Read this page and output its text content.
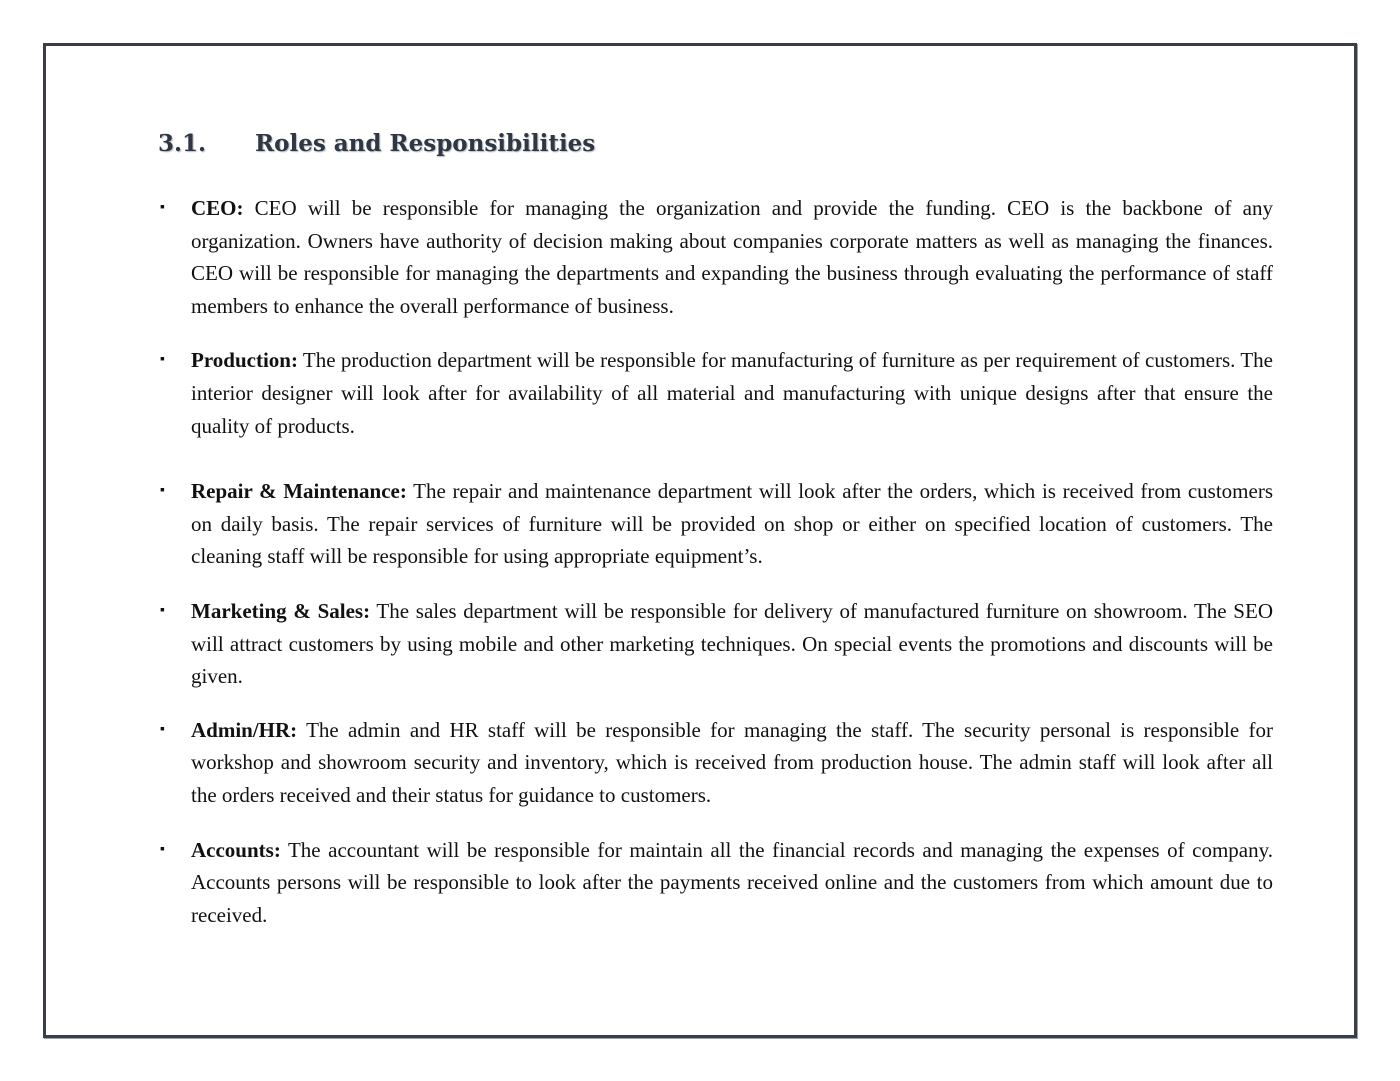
3.1. Roles and Responsibilities
▪ CEO: CEO will be responsible for managing the organization and provide the funding. CEO is the backbone of any organization. Owners have authority of decision making about companies corporate matters as well as managing the finances. CEO will be responsible for managing the departments and expanding the business through evaluating the performance of staff members to enhance the overall performance of business.
▪ Production: The production department will be responsible for manufacturing of furniture as per requirement of customers. The interior designer will look after for availability of all material and manufacturing with unique designs after that ensure the quality of products.
▪ Repair & Maintenance: The repair and maintenance department will look after the orders, which is received from customers on daily basis. The repair services of furniture will be provided on shop or either on specified location of customers. The cleaning staff will be responsible for using appropriate equipment’s.
▪ Marketing & Sales: The sales department will be responsible for delivery of manufactured furniture on showroom. The SEO will attract customers by using mobile and other marketing techniques. On special events the promotions and discounts will be given.
▪ Admin/HR: The admin and HR staff will be responsible for managing the staff. The security personal is responsible for workshop and showroom security and inventory, which is received from production house. The admin staff will look after all the orders received and their status for guidance to customers.
▪ Accounts: The accountant will be responsible for maintain all the financial records and managing the expenses of company. Accounts persons will be responsible to look after the payments received online and the customers from which amount due to received.
